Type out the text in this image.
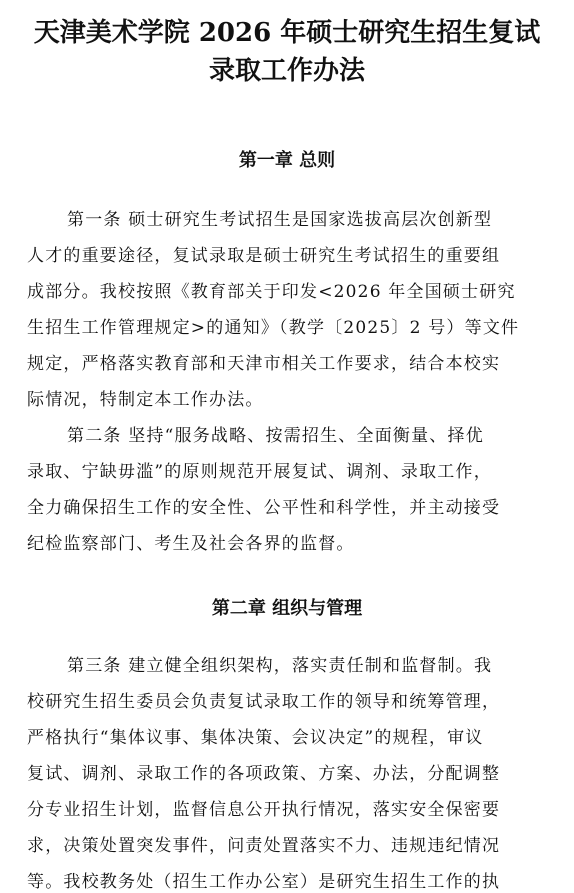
天津美术学院 2026 年硕士研究生招生复试
录取工作办法
第一章 总则

第一条 硕士研究生考试招生是国家选拔高层次创新型
人才的重要途径，复试录取是硕士研究生考试招生的重要组
成部分。我校按照《教育部关于印发<2026 年全国硕士研究
生招生工作管理规定>的通知》（教学〔2025〕2 号）等文件
规定，严格落实教育部和天津市相关工作要求，结合本校实
际情况，特制定本工作办法。

第二条 坚持“服务战略、按需招生、全面衡量、择优
录取、宁缺毋滥”的原则规范开展复试、调剂、录取工作，
全力确保招生工作的安全性、公平性和科学性，并主动接受
纪检监察部门、考生及社会各界的监督。

第二章 组织与管理

第三条 建立健全组织架构，落实责任制和监督制。我
校研究生招生委员会负责复试录取工作的领导和统筹管理，
严格执行“集体议事、集体决策、会议决定”的规程，审议
复试、调剂、录取工作的各项政策、方案、办法，分配调整
分专业招生计划，监督信息公开执行情况，落实安全保密要
求，决策处置突发事件，问责处置落实不力、违规违纪情况
等。我校教务处（招生工作办公室）是研究生招生工作的执
